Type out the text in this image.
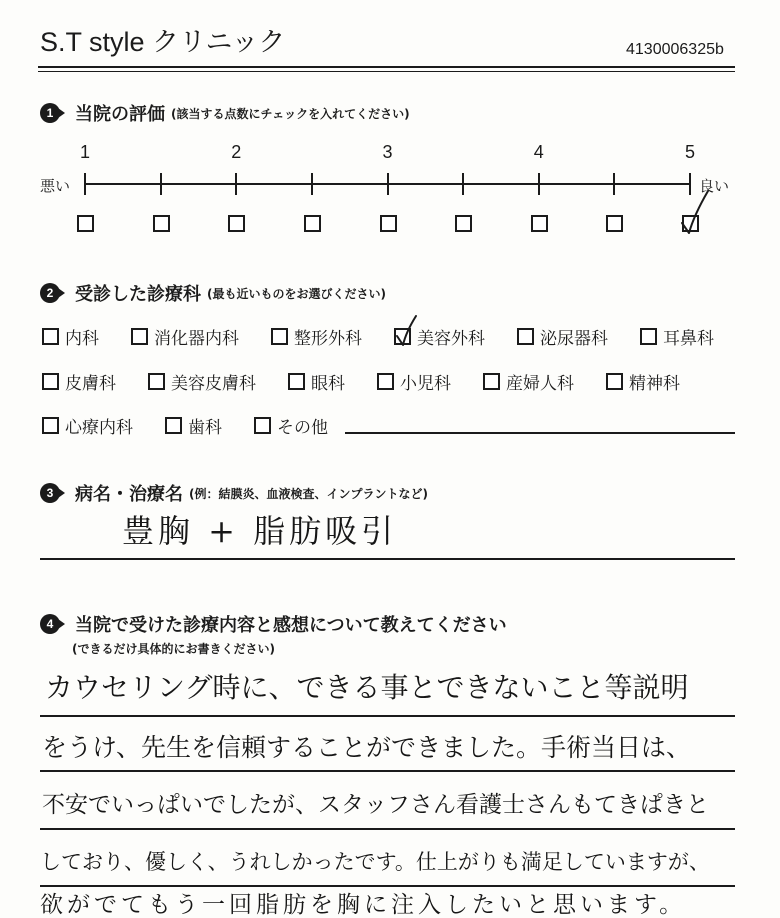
S.T style クリニック	4130006325b
1	当院の評価 (該当する点数にチェックを入れてください)
悪い	良い
1	2	3	4	5
2	受診した診療科 (最も近いものをお選びください)
内科	消化器内科	整形外科	美容外科	泌尿器科	耳鼻科
皮膚科	美容皮膚科	眼科	小児科	産婦人科	精神科
心療内科	歯科	その他
3	病名・治療名 (例：結膜炎、血液検査、インプラントなど)
豊胸 + 脂肪吸引
4	当院で受けた診療内容と感想について教えてください
(できるだけ具体的にお書きください)
カウセリング時に、できる事とできないこと等説明
をうけ、先生を信頼することができました。手術当日は、
不安でいっぱいでしたが、スタッフさん看護士さんもてきぱきと
しており、優しく、うれしかったです。仕上がりも満足していますが、
欲がでてもう一回脂肪を胸に注入したいと思います。
